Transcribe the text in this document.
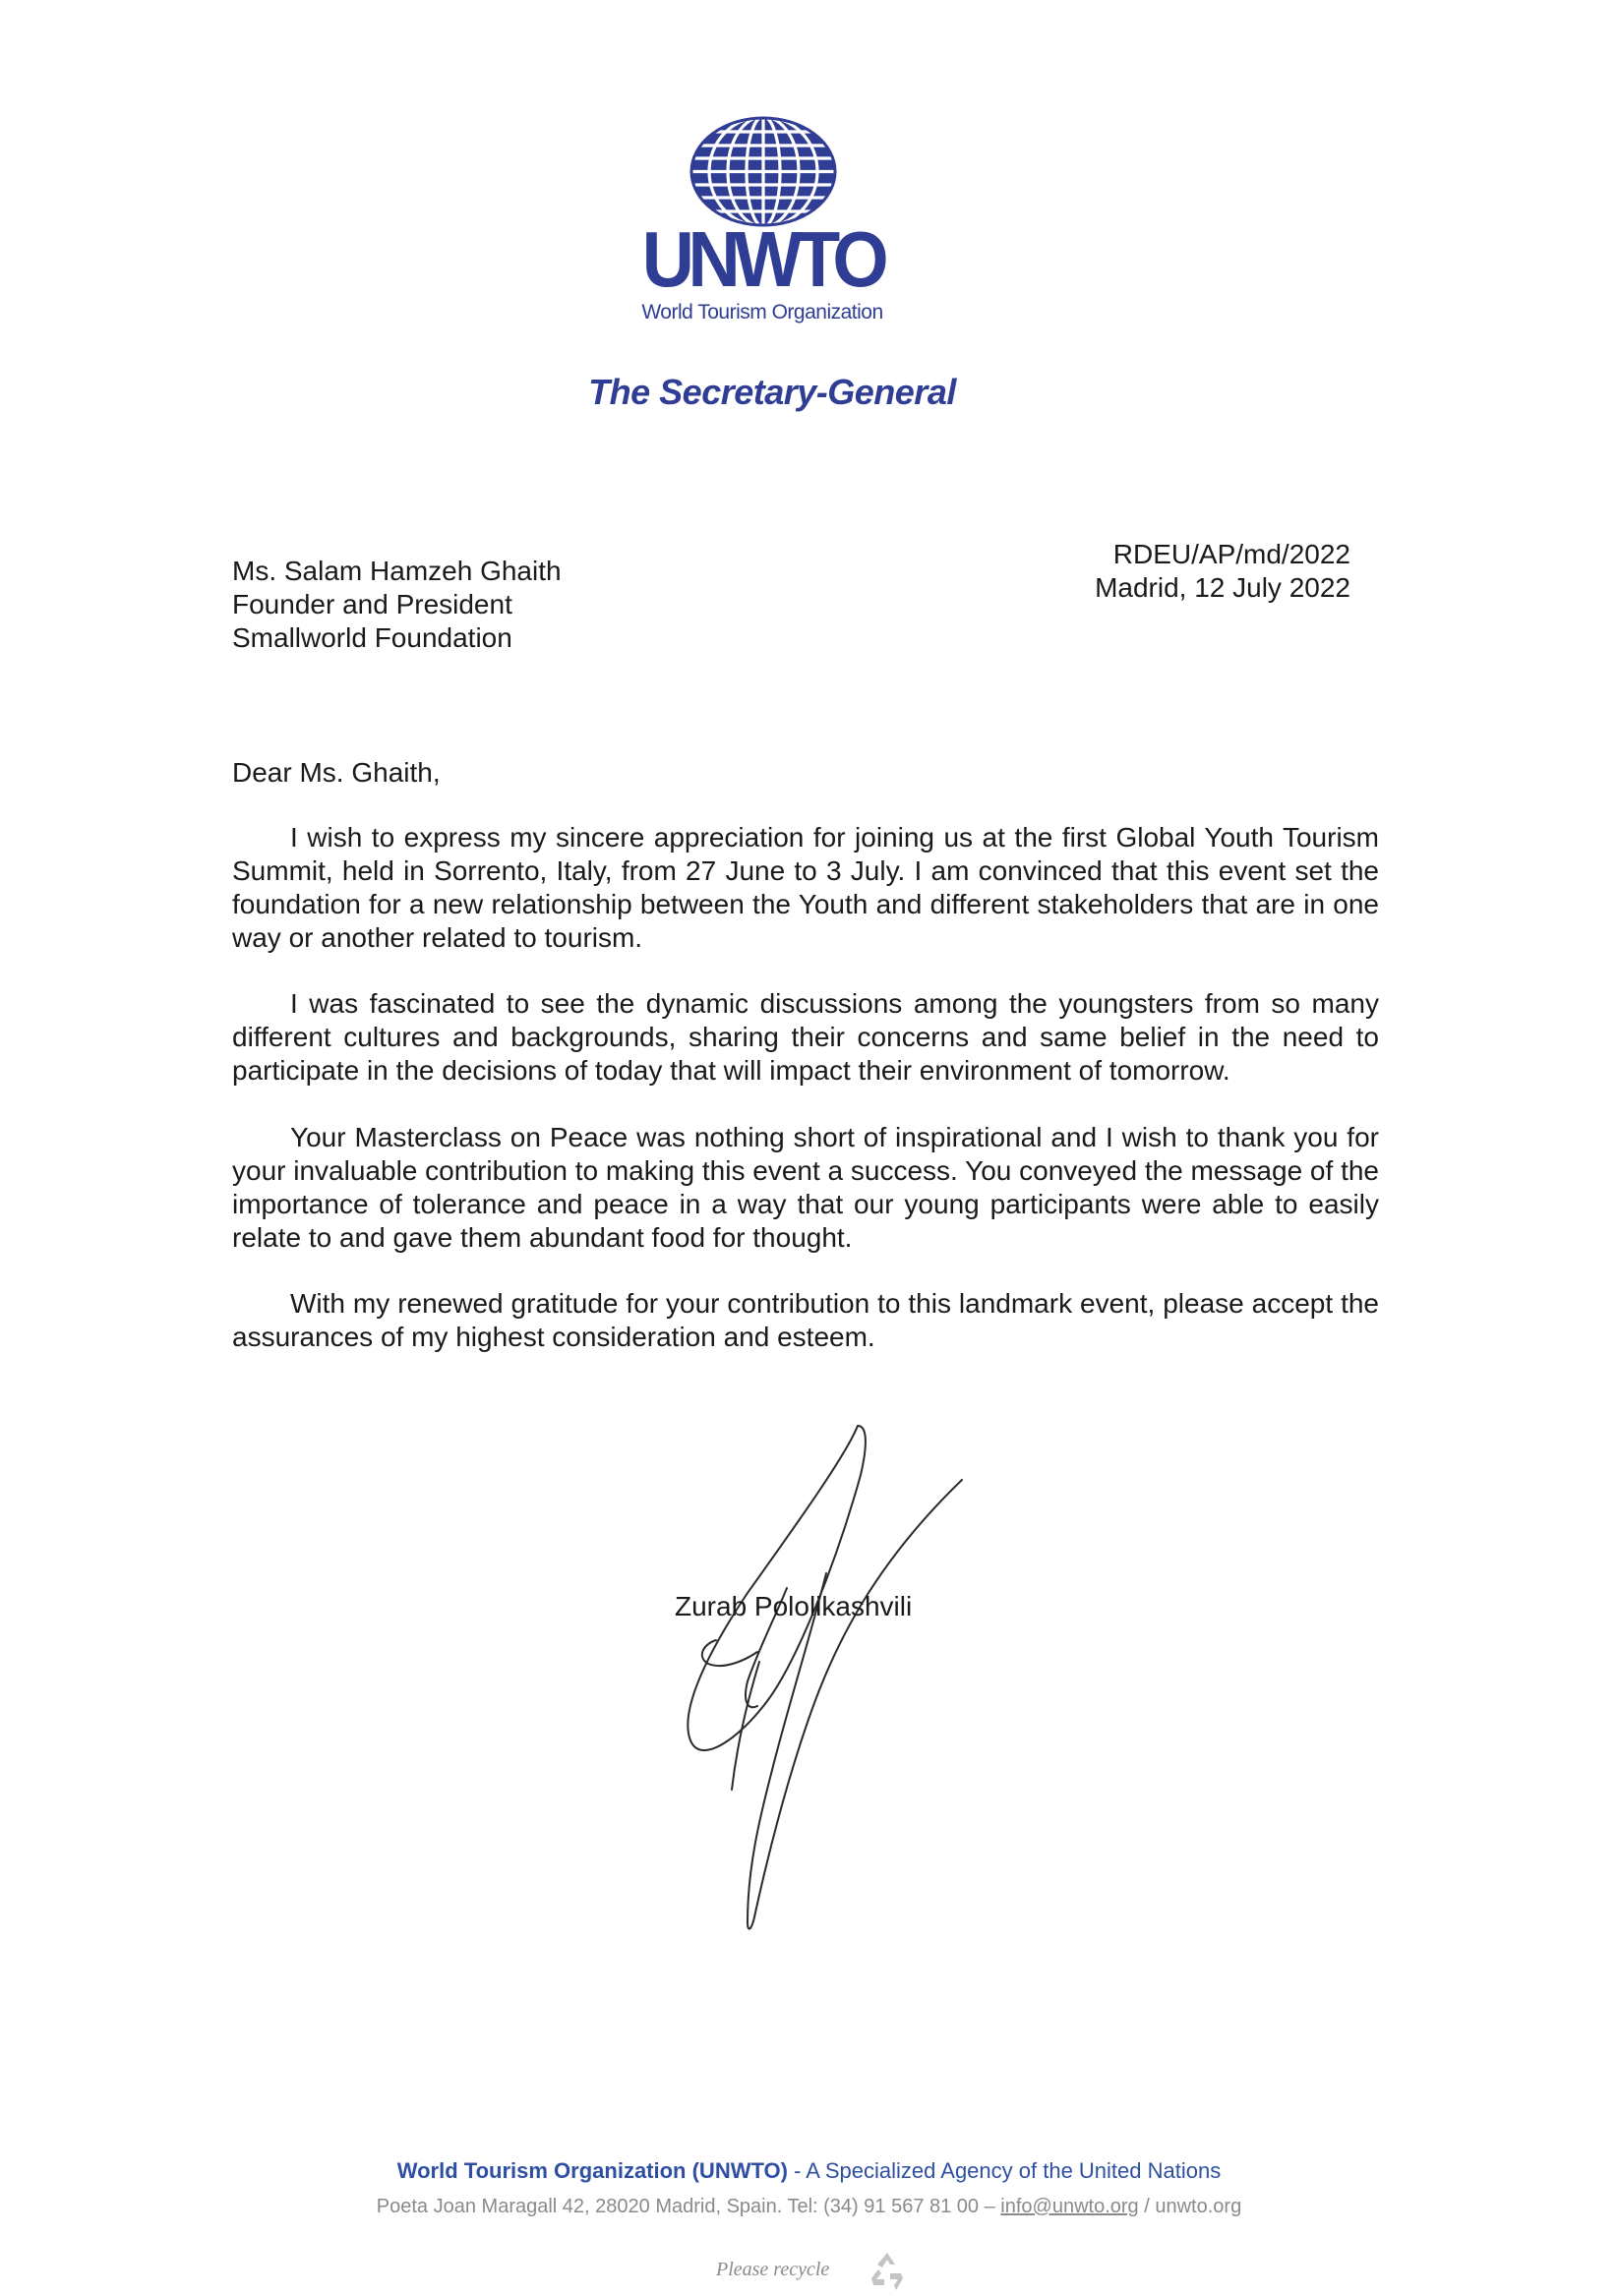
UNWTO
World Tourism Organization
The Secretary-General
Ms. Salam Hamzeh Ghaith
Founder and President
Smallworld Foundation
RDEU/AP/md/2022
Madrid, 12 July 2022
Dear Ms. Ghaith,

I wish to express my sincere appreciation for joining us at the first Global Youth Tourism Summit, held in Sorrento, Italy, from 27 June to 3 July. I am convinced that this event set the foundation for a new relationship between the Youth and different stakeholders that are in one way or another related to tourism.

I was fascinated to see the dynamic discussions among the youngsters from so many different cultures and backgrounds, sharing their concerns and same belief in the need to participate in the decisions of today that will impact their environment of tomorrow.

Your Masterclass on Peace was nothing short of inspirational and I wish to thank you for your invaluable contribution to making this event a success. You conveyed the message of the importance of tolerance and peace in a way that our young participants were able to easily relate to and gave them abundant food for thought.

With my renewed gratitude for your contribution to this landmark event, please accept the assurances of my highest consideration and esteem.

Zurab Pololikashvili
World Tourism Organization (UNWTO) - A Specialized Agency of the United Nations
Poeta Joan Maragall 42, 28020 Madrid, Spain. Tel: (34) 91 567 81 00 – info@unwto.org / unwto.org
Please recycle
